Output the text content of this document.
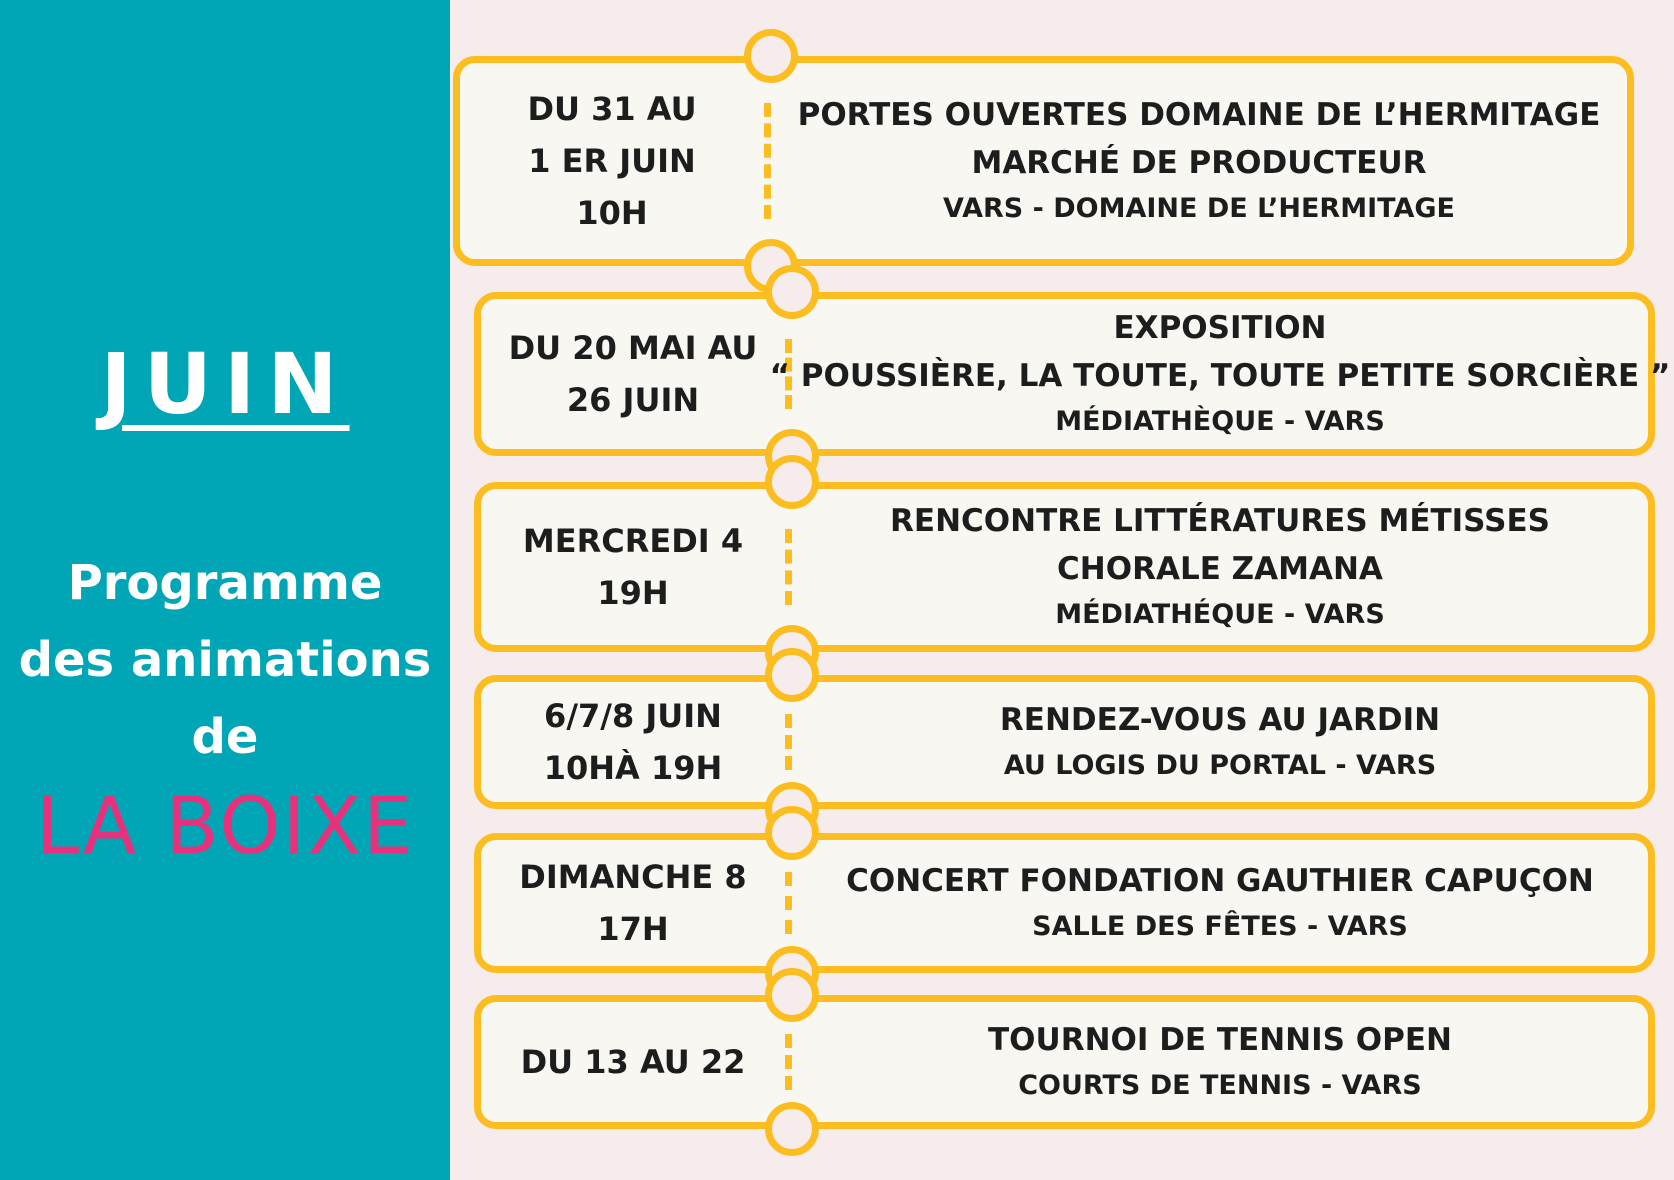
JUIN
Programme
des animations
de
LA BOIXE
DU 31 AU
1 ER JUIN
10H
PORTES OUVERTES DOMAINE DE L’HERMITAGE
MARCHÉ DE PRODUCTEUR
VARS - DOMAINE DE L’HERMITAGE
DU 20 MAI AU
26 JUIN
EXPOSITION
“ POUSSIÈRE, LA TOUTE, TOUTE PETITE SORCIÈRE ”
MÉDIATHÈQUE - VARS
MERCREDI 4
19H
RENCONTRE LITTÉRATURES MÉTISSES
CHORALE ZAMANA
MÉDIATHÉQUE - VARS
6/7/8 JUIN
10HÀ 19H
RENDEZ-VOUS AU JARDIN
AU LOGIS DU PORTAL - VARS
DIMANCHE 8
17H
CONCERT FONDATION GAUTHIER CAPUÇON
SALLE DES FÊTES - VARS
DU 13 AU 22
TOURNOI DE TENNIS OPEN
COURTS DE TENNIS - VARS
